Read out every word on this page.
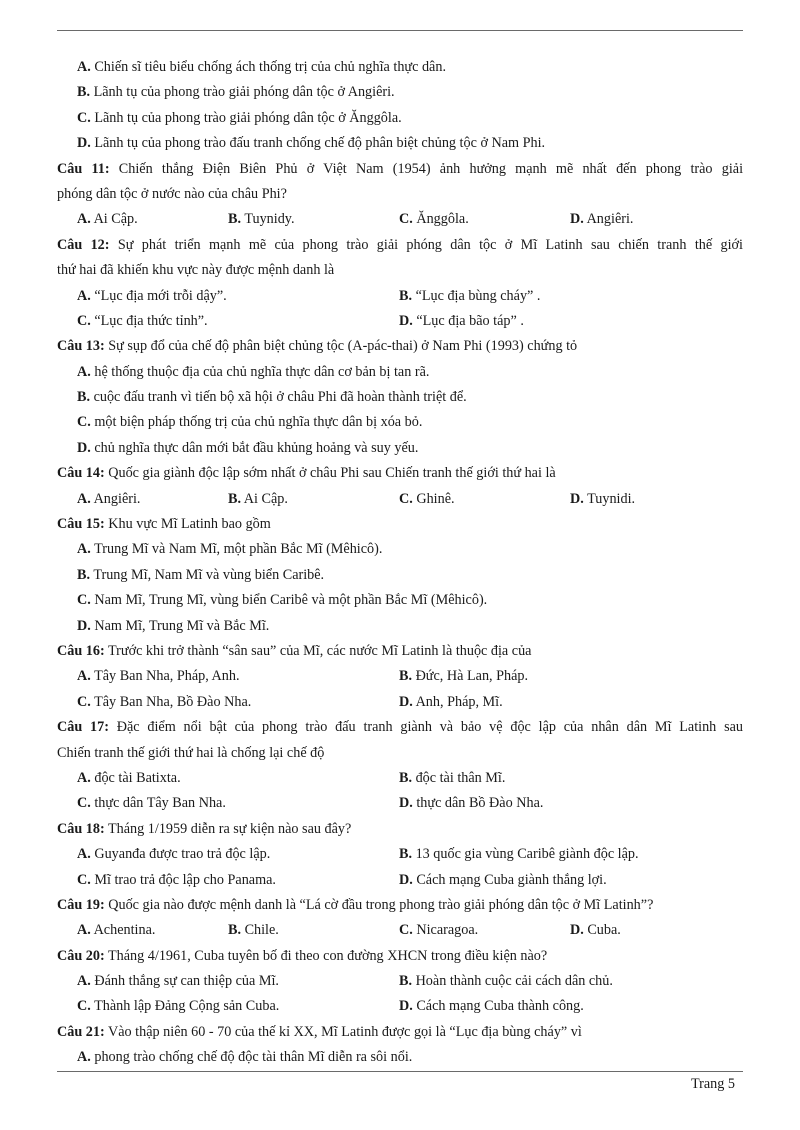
A. Chiến sĩ tiêu biểu chống ách thống trị của chủ nghĩa thực dân.
B. Lãnh tụ của phong trào giải phóng dân tộc ở Angiêri.
C. Lãnh tụ của phong trào giải phóng dân tộc ở Ănggôla.
D. Lãnh tụ của phong trào đấu tranh chống chế độ phân biệt chủng tộc ở Nam Phi.
Câu 11: Chiến thắng Điện Biên Phủ ở Việt Nam (1954) ảnh hưởng mạnh mẽ nhất đến phong trào giải
phóng dân tộc ở nước nào của châu Phi?
A. Ai Cập.	B. Tuynidy.	C. Ănggôla.	D. Angiêri.
Câu 12: Sự phát triển mạnh mẽ của phong trào giải phóng dân tộc ở Mĩ Latinh sau chiến tranh thế giới
thứ hai đã khiến khu vực này được mệnh danh là
A. “Lục địa mới trỗi dậy”.	B. “Lục địa bùng cháy” .
C. “Lục địa thức tỉnh”.	D. “Lục địa bão táp” .
Câu 13: Sự sụp đổ của chế độ phân biệt chủng tộc (A-pác-thai) ở Nam Phi (1993) chứng tỏ
A. hệ thống thuộc địa của chủ nghĩa thực dân cơ bản bị tan rã.
B. cuộc đấu tranh vì tiến bộ xã hội ở châu Phi đã hoàn thành triệt để.
C. một biện pháp thống trị của chủ nghĩa thực dân bị xóa bỏ.
D. chủ nghĩa thực dân mới bắt đầu khủng hoảng và suy yếu.
Câu 14: Quốc gia giành độc lập sớm nhất ở châu Phi sau Chiến tranh thế giới thứ hai là
A. Angiêri.	B. Ai Cập.	C. Ghinê.	D. Tuynidi.
Câu 15: Khu vực Mĩ Latinh bao gồm
A. Trung Mĩ và Nam Mĩ, một phần Bắc Mĩ (Mêhicô).
B. Trung Mĩ, Nam Mĩ và vùng biển Caribê.
C. Nam Mĩ, Trung Mĩ, vùng biển Caribê và một phần Bắc Mĩ (Mêhicô).
D. Nam Mĩ, Trung Mĩ và Bắc Mĩ.
Câu 16: Trước khi trở thành “sân sau” của Mĩ, các nước Mĩ Latinh là thuộc địa của
A. Tây Ban Nha, Pháp, Anh.	B. Đức, Hà Lan, Pháp.
C. Tây Ban Nha, Bồ Đào Nha.	D. Anh, Pháp, Mĩ.
Câu 17: Đặc điểm nổi bật của phong trào đấu tranh giành và bảo vệ độc lập của nhân dân Mĩ Latinh sau
Chiến tranh thế giới thứ hai là chống lại chế độ
A. độc tài Batixta.	B. độc tài thân Mĩ.
C. thực dân Tây Ban Nha.	D. thực dân Bồ Đào Nha.
Câu 18: Tháng 1/1959 diễn ra sự kiện nào sau đây?
A. Guyanđa được trao trả độc lập.	B. 13 quốc gia vùng Caribê giành độc lập.
C. Mĩ trao trả độc lập cho Panama.	D. Cách mạng Cuba giành thắng lợi.
Câu 19: Quốc gia nào được mệnh danh là “Lá cờ đầu trong phong trào giải phóng dân tộc ở Mĩ Latinh”?
A. Achentina.	B. Chile.	C. Nicaragoa.	D. Cuba.
Câu 20: Tháng 4/1961, Cuba tuyên bố đi theo con đường XHCN trong điều kiện nào?
A. Đánh thắng sự can thiệp của Mĩ.	B. Hoàn thành cuộc cải cách dân chủ.
C. Thành lập Đảng Cộng sản Cuba.	D. Cách mạng Cuba thành công.
Câu 21: Vào thập niên 60 - 70 của thế kỉ XX, Mĩ Latinh được gọi là “Lục địa bùng cháy” vì
A. phong trào chống chế độ độc tài thân Mĩ diễn ra sôi nổi.
Trang 5
